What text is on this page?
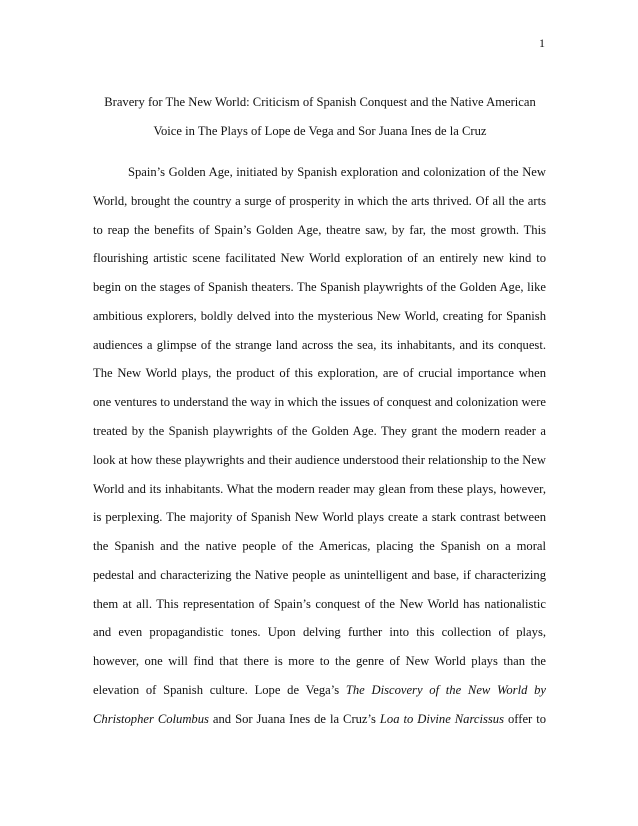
1
Bravery for The New World: Criticism of Spanish Conquest and the Native American
Voice in The Plays of Lope de Vega and Sor Juana Ines de la Cruz
Spain’s Golden Age, initiated by Spanish exploration and colonization of the New
World, brought the country a surge of prosperity in which the arts thrived. Of all the arts
to reap the benefits of Spain’s Golden Age, theatre saw, by far, the most growth. This
flourishing artistic scene facilitated New World exploration of an entirely new kind to
begin on the stages of Spanish theaters. The Spanish playwrights of the Golden Age, like
ambitious explorers, boldly delved into the mysterious New World, creating for Spanish
audiences a glimpse of the strange land across the sea, its inhabitants, and its conquest.
The New World plays, the product of this exploration, are of crucial importance when
one ventures to understand the way in which the issues of conquest and colonization were
treated by the Spanish playwrights of the Golden Age. They grant the modern reader a
look at how these playwrights and their audience understood their relationship to the New
World and its inhabitants. What the modern reader may glean from these plays, however,
is perplexing. The majority of Spanish New World plays create a stark contrast between
the Spanish and the native people of the Americas, placing the Spanish on a moral
pedestal and characterizing the Native people as unintelligent and base, if characterizing
them at all. This representation of Spain’s conquest of the New World has nationalistic
and even propagandistic tones. Upon delving further into this collection of plays,
however, one will find that there is more to the genre of New World plays than the
elevation of Spanish culture. Lope de Vega’s The Discovery of the New World by
Christopher Columbus and Sor Juana Ines de la Cruz’s Loa to Divine Narcissus offer to
